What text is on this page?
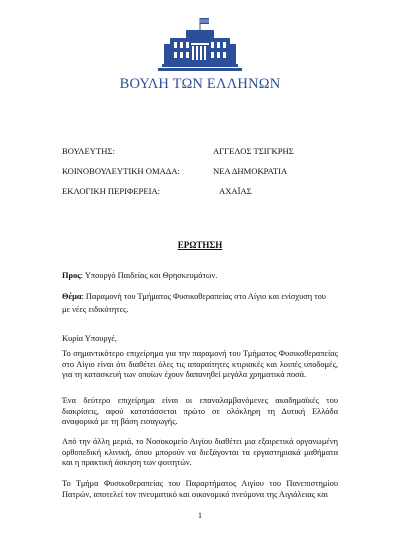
ΒΟΥΛΗ ΤΩΝ ΕΛΛΗΝΩΝ
ΒΟΥΛΕΥΤΗΣ:	ΑΓΓΕΛΟΣ ΤΣΙΓΚΡΗΣ
ΚΟΙΝΟΒΟΥΛΕΥΤΙΚΗ ΟΜΑΔΑ:	ΝΕΑ ΔΗΜΟΚΡΑΤΙΑ
ΕΚΛΟΓΙΚΗ ΠΕΡΙΦΕΡΕΙΑ:	ΑΧΑΪΑΣ
ΕΡΩΤΗΣΗ
Προς: Υπουργό Παιδείας και Θρησκευμάτων.
Θέμα: Παραμονή του Τμήματος Φυσικοθεραπείας στο Αίγιο και ενίσχυση του
με νέες ειδικότητες.
Κυρία Υπουργέ,
Το σημαντικότερο επιχείρημα για την παραμονή του Τμήματος Φυσικοθεραπείας στο Αίγιο είναι ότι διαθέτει όλες τις απαραίτητες κτιριακές και λοιπές υποδομές, για τη κατασκευή των οποίων έχουν δαπανηθεί μεγάλα χρηματικά ποσά.
Ένα δεύτερο επιχείρημα είναι οι επαναλαμβανόμενες ακαδημαϊκές του διακρίσεις, αφού κατατάσσεται πρώτο σε ολόκληρη τη Δυτική Ελλάδα αναφορικά με τη βάση εισαγωγής.
Από την άλλη μεριά, το Νοσοκομείο Αιγίου διαθέτει μια εξαιρετικά οργανωμένη ορθοπεδική κλινική, όπου μπορούν να διεξάγονται τα εργαστηριακά μαθήματα και η πρακτική άσκηση των φοιτητών.
Το Τμήμα Φυσικοθεραπείας του Παραρτήματος Αιγίου του Πανεπιστημίου Πατρών, αποτελεί τον πνευματικό και οικονομικό πνεύμονα της Αιγιάλειας και
1
